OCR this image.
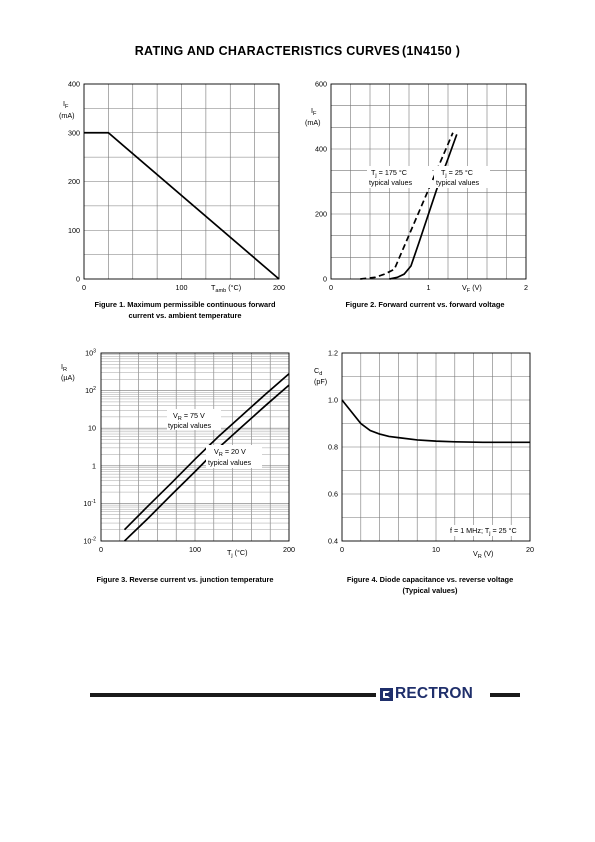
RATING AND CHARACTERISTICS CURVES (1N4150 )
0
100
200
300
400
0	100	200
$I_F$
(mA)
$T_{amb}$ (°C)
Figure 1. Maximum permissible continuous forward
current vs. ambient temperature
0
200
400
600
0	1	2
$I_F$
(mA)
$V_F$ (V)
$T_j = 175$ °C
typical values
$T_j = 25$ °C
typical values
Figure 2. Forward current vs. forward voltage
$10^{-2}$
$10^{-1}$
1
10
$10^2$
$10^3$
0	100	200
$I_R$
(µA)
$T_j$ (°C)
$V_R = 75$ V
typical values
$V_R = 20$ V
typical values
Figure 3. Reverse current vs. junction temperature
0.4
0.6
0.8
1.0
1.2
0	10	20
$C_d$
(pF)
$V_R$ (V)
f = 1 MHz; $T_j = 25$ °C
Figure 4. Diode capacitance vs. reverse voltage
(Typical values)
RECTRON
